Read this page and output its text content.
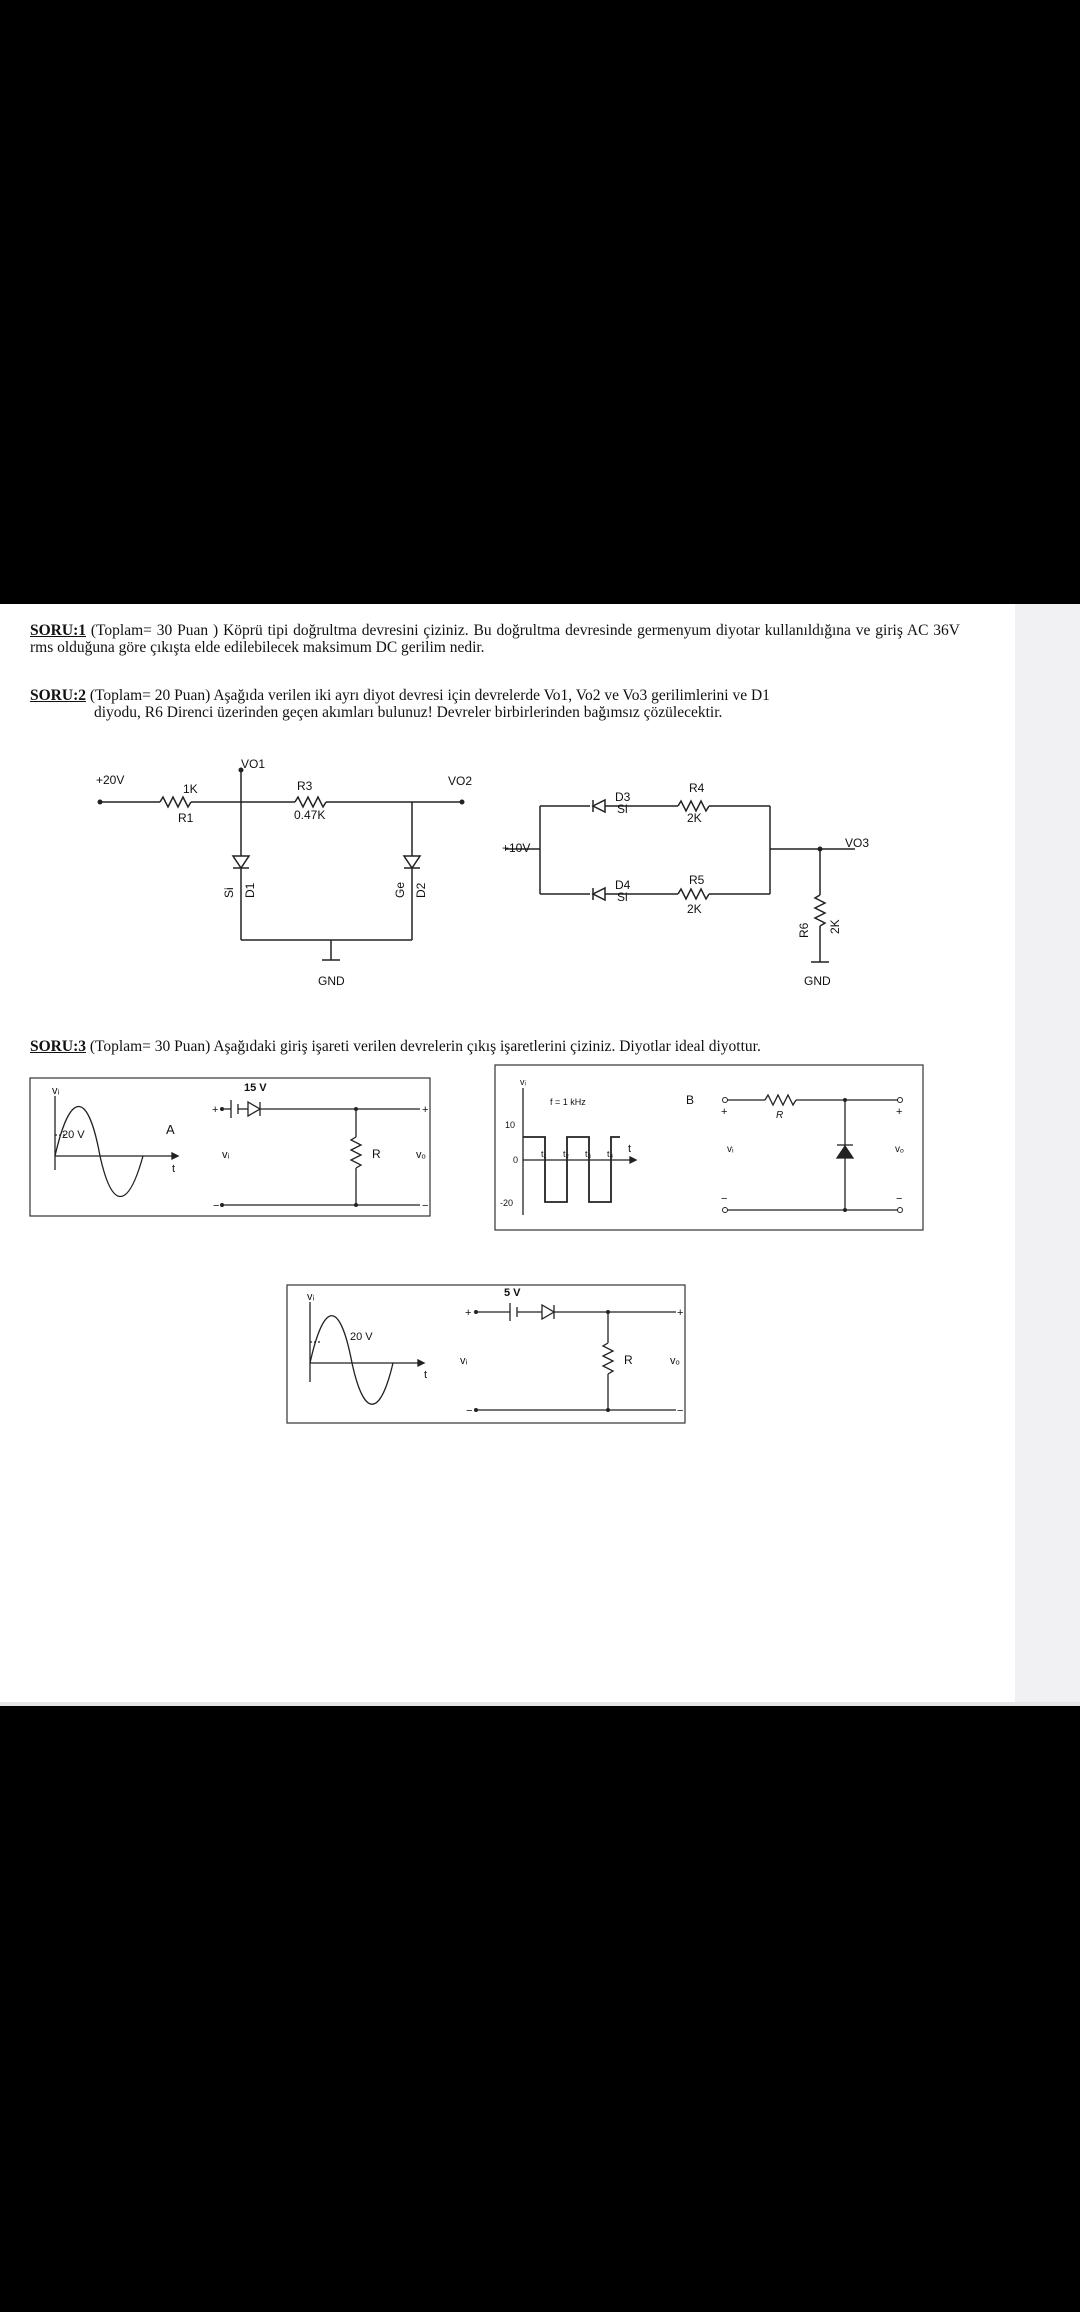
SORU:1 (Toplam= 30 Puan ) Köprü tipi doğrultma devresini çiziniz. Bu doğrultma devresinde germenyum diyotar kullanıldığına ve giriş AC 36V rms olduğuna göre çıkışta elde edilebilecek maksimum DC gerilim nedir.
SORU:2 (Toplam= 20 Puan) Aşağıda verilen iki ayrı diyot devresi için devrelerde Vo1, Vo2 ve Vo3 gerilimlerini ve D1
diyodu, R6 Direnci üzerinden geçen akımları bulunuz! Devreler birbirlerinden bağımsız çözülecektir.
SORU:3 (Toplam= 30 Puan) Aşağıdaki giriş işareti verilen devrelerin çıkış işaretlerini çiziniz. Diyotlar ideal diyottur.
+20V
1K
R1
VO1
R3
0.47K
VO2
GND
Si D1	Ge D2
+10V
D3
Si
R4
2K
D4
Si
R5
2K
VO3
R6 2K
GND
vᵢ
20 V	A
t
15 V
R
vᵢ	vₒ
+	+
−	−
vᵢ
f = 1 kHz
10
0
-20
t₁ t₂ t₃ t₄ t
B
R
vᵢ	vₒ
+	+
−	−
vᵢ
20 V
t
5 V
R
vᵢ	vₒ
+	+
−	−
